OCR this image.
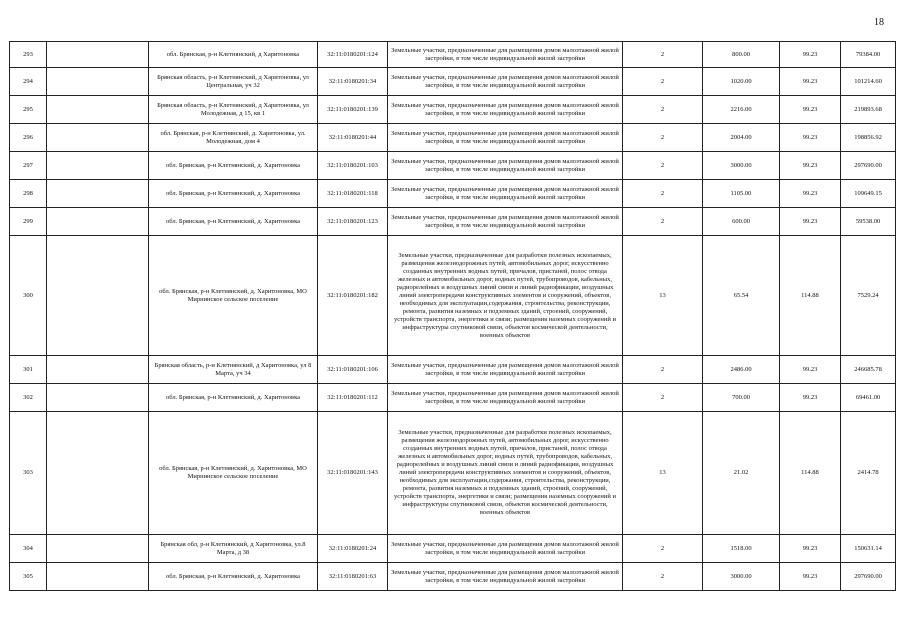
18
293		обл. Брянская, р-н Клетнянский, д Харитоновка	32:11:0180201:124	Земельные участки, предназначенные для размещения домов малоэтажной жилой застройки, в том числе индивидуальной жилой застройки	2	800.00	99.23	79384.00
294		Брянская область, р-н Клетнянский, д Харитоновка, ул Центральная, уч 32	32:11:0180201:34	Земельные участки, предназначенные для размещения домов малоэтажной жилой застройки, в том числе индивидуальной жилой застройки	2	1020.00	99.23	101214.60
295		Брянская область, р-н Клетнянский, д Харитоновка, ул Молодежная, д 15, кв 1	32:11:0180201:139	Земельные участки, предназначенные для размещения домов малоэтажной жилой застройки, в том числе индивидуальной жилой застройки	2	2216.00	99.23	219893.68
296		обл. Брянская, р-н Клетнянский, д. Харитоновка, ул. Молодежная, дом 4	32:11:0180201:44	Земельные участки, предназначенные для размещения домов малоэтажной жилой застройки, в том числе индивидуальной жилой застройки	2	2004.00	99.23	198856.92
297		обл. Брянская, р-н Клетнянский, д. Харитоновка	32:11:0180201:103	Земельные участки, предназначенные для размещения домов малоэтажной жилой застройки, в том числе индивидуальной жилой застройки	2	3000.00	99.23	297690.00
298		обл. Брянская, р-н Клетнянский, д. Харитоновка	32:11:0180201:118	Земельные участки, предназначенные для размещения домов малоэтажной жилой застройки, в том числе индивидуальной жилой застройки	2	1105.00	99.23	109649.15
299		обл. Брянская, р-н Клетнянский, д. Харитоновка	32:11:0180201:123	Земельные участки, предназначенные для размещения домов малоэтажной жилой застройки, в том числе индивидуальной жилой застройки	2	600.00	99.23	59538.00
300		обл. Брянская, р-н Клетнянский, д. Харитоновка, МО Мирнинское сельское поселение	32:11:0180201:182	Земельные участки, предназначенные для разработки полезных ископаемых, размещения железнодорожных путей, автомобильных дорог, искусственно созданных внутренних водных путей, причалов, пристаней, полос отвода железных и автомобильных дорог, водных путей, трубопроводов, кабельных, радиорелейных и воздушных линий связи и линий радиофикации, воздушных линий электропередачи конструктивных элементов и сооружений, объектов, необходимых для эксплуатации,содержания, строительства, реконструкции, ремонта, развития наземных и подземных зданий, строений, сооружений, устройств транспорта, энергетики и связи; размещения наземных сооружений и инфраструктуры спутниковой связи, объектов космической деятельности, военных объектов	13	65.54	114.88	7529.24
301		Брянская область, р-н Клетнянский, д Харитоновка, ул 8 Марта, уч 34	32:11:0180201:106	Земельные участки, предназначенные для размещения домов малоэтажной жилой застройки, в том числе индивидуальной жилой застройки	2	2486.00	99.23	246685.78
302		обл. Брянская, р-н Клетнянский, д. Харитоновка	32:11:0180201:112	Земельные участки, предназначенные для размещения домов малоэтажной жилой застройки, в том числе индивидуальной жилой застройки	2	700.00	99.23	69461.00
303		обл. Брянская, р-н Клетнянский, д. Харитоновка, МО Мирнинское сельское поселение	32:11:0180201:143	Земельные участки, предназначенные для разработки полезных ископаемых, размещения железнодорожных путей, автомобильных дорог, искусственно созданных внутренних водных путей, причалов, пристаней, полос отвода железных и автомобильных дорог, водных путей, трубопроводов, кабельных, радиорелейных и воздушных линий связи и линий радиофикации, воздушных линий электропередачи конструктивных элементов и сооружений, объектов, необходимых для эксплуатации,содержания, строительства, реконструкции, ремонта, развития наземных и подземных зданий, строений, сооружений, устройств транспорта, энергетики и связи; размещения наземных сооружений и инфраструктуры спутниковой связи, объектов космической деятельности, военных объектов	13	21.02	114.88	2414.78
304		Брянская обл, р-н Клетнянский, д Харитоновка, ул.8 Марта, д 38	32:11:0180201:24	Земельные участки, предназначенные для размещения домов малоэтажной жилой застройки, в том числе индивидуальной жилой застройки	2	1518.00	99.23	150631.14
305		обл. Брянская, р-н Клетнянский, д. Харитоновка	32:11:0180201:63	Земельные участки, предназначенные для размещения домов малоэтажной жилой застройки, в том числе индивидуальной жилой застройки	2	3000.00	99.23	297690.00
